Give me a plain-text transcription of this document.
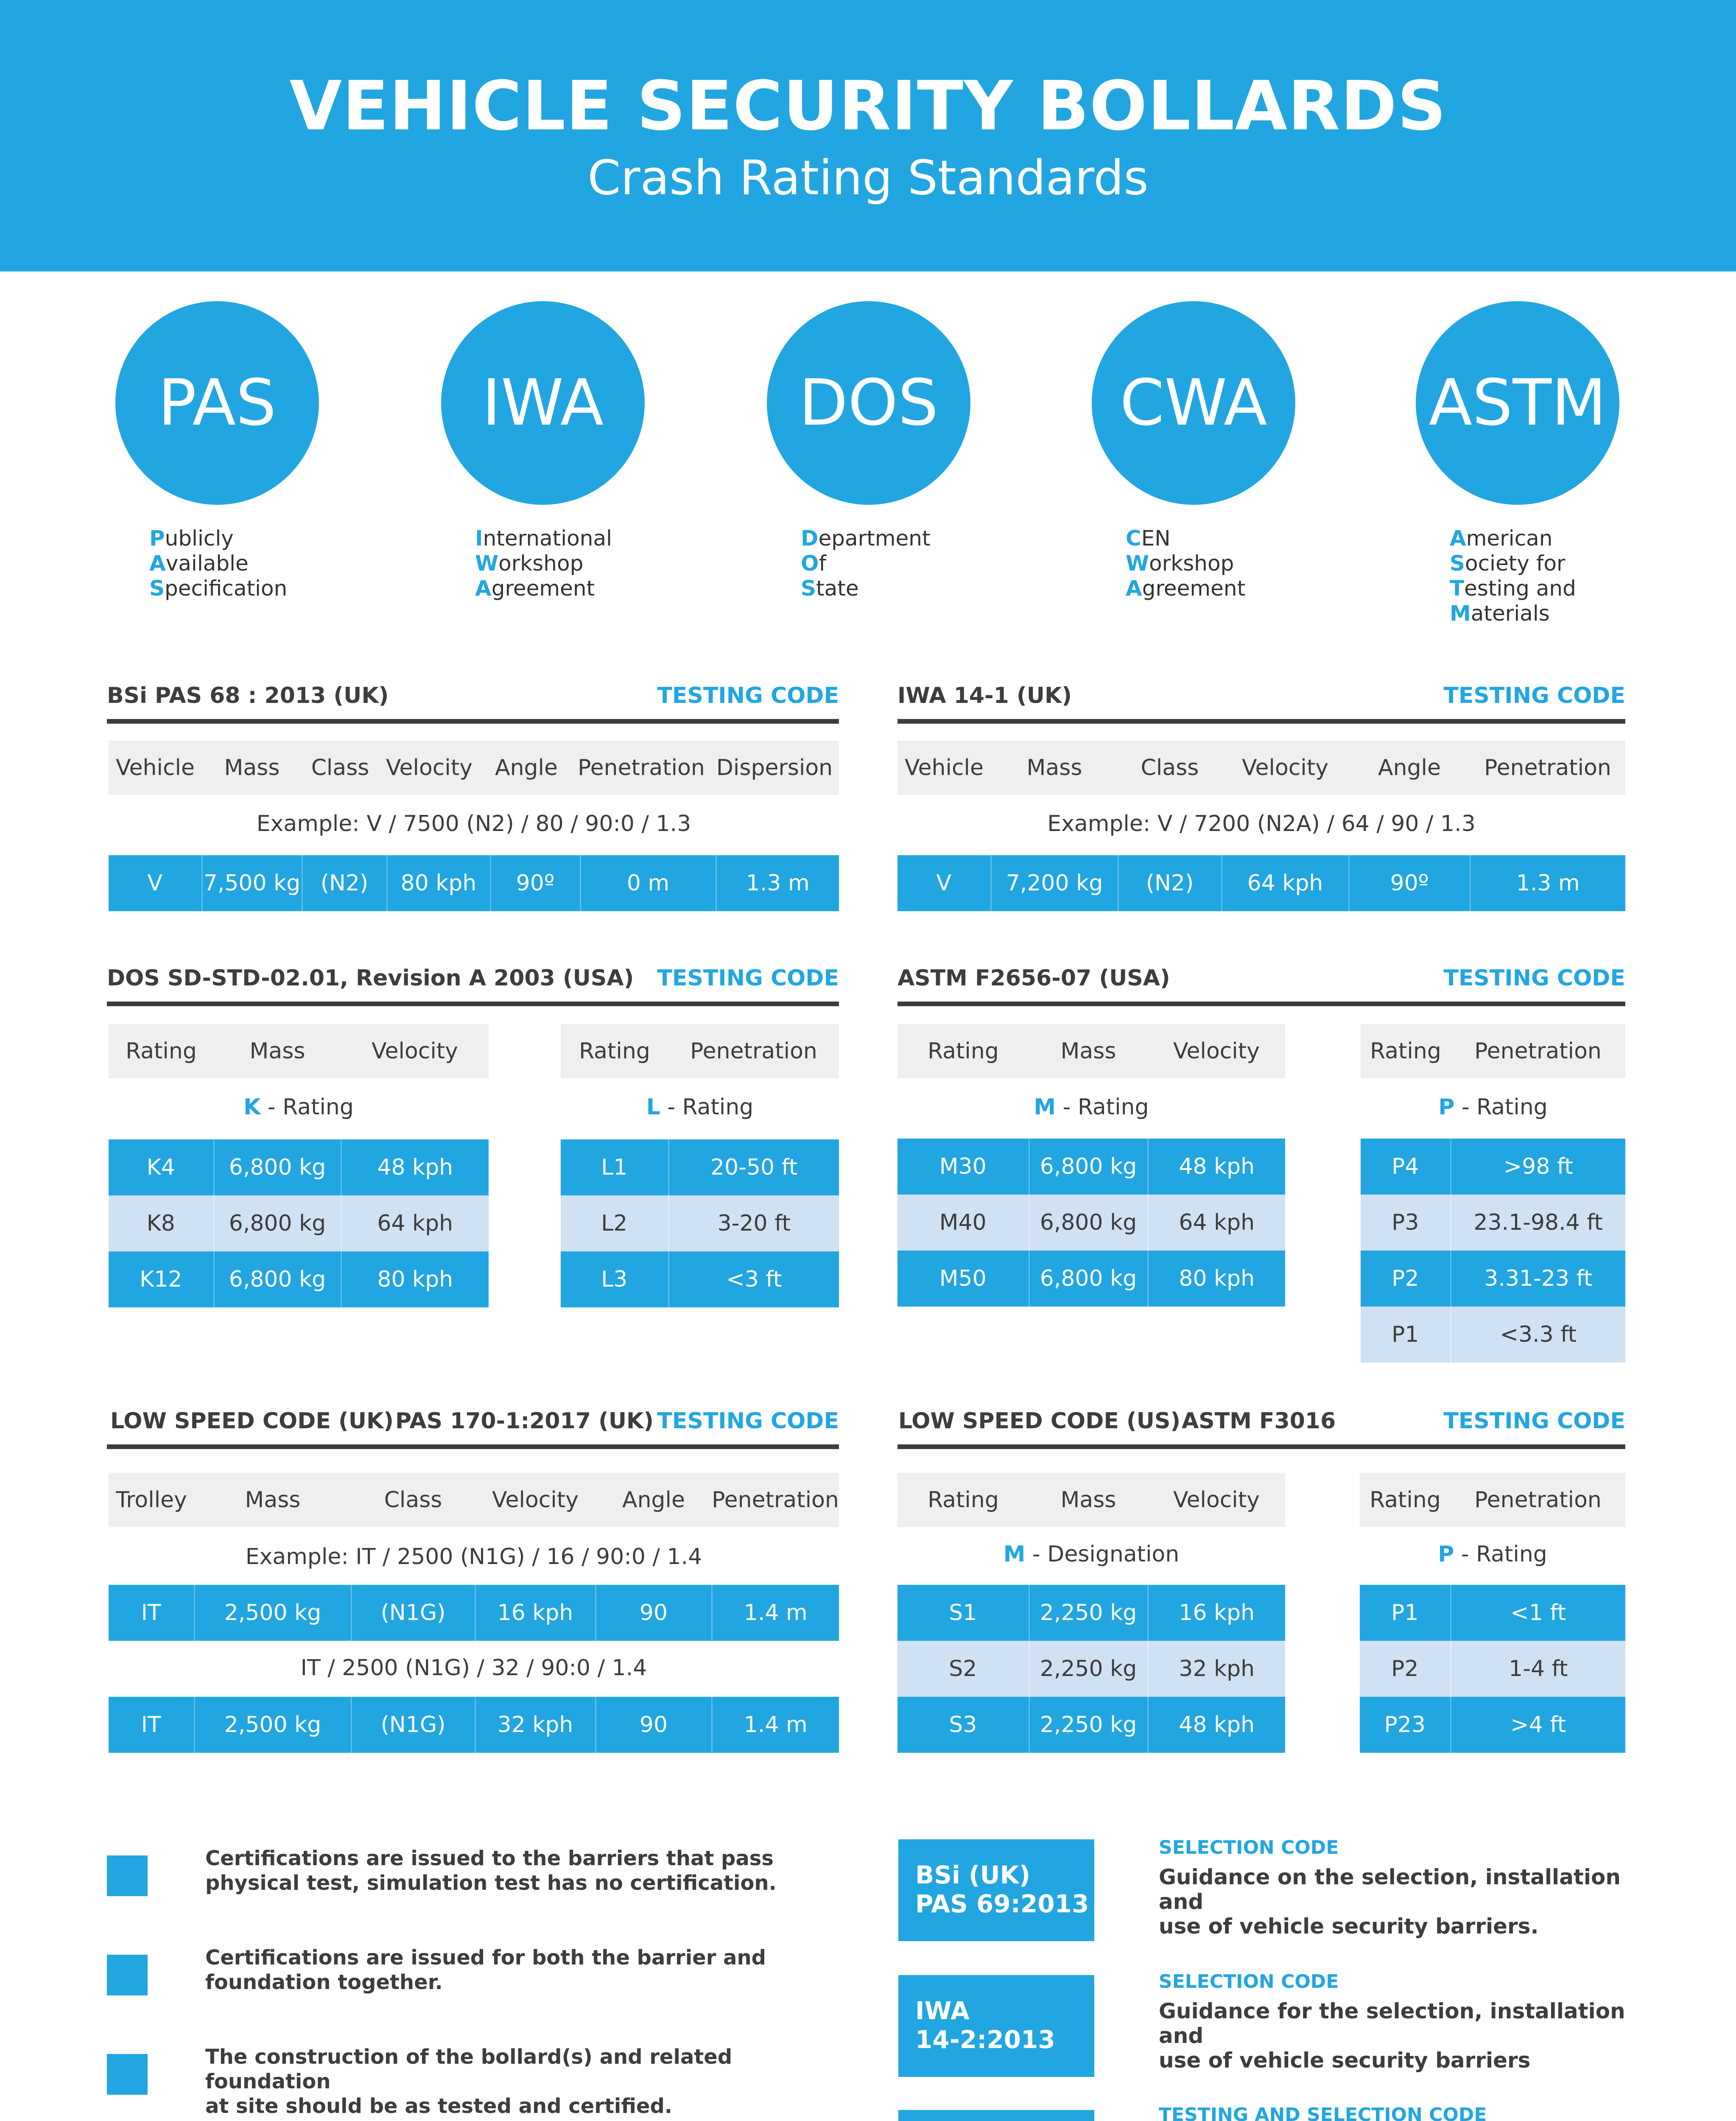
VEHICLE SECURITY BOLLARDS
Crash Rating Standards
PAS
Publicly
Available
Specification
IWA
International
Workshop
Agreement
DOS
Department
Of
State
CWA
CEN
Workshop
Agreement
ASTM
American
Society for
Testing and
Materials
BSi PAS 68 : 2013 (UK)	TESTING CODE
Vehicle	Mass	Class	Velocity	Angle	Penetration	Dispersion
Example: V / 7500 (N2) / 80 / 90:0 / 1.3
V	7,500 kg	(N2)	80 kph	90º	0 m	1.3 m
IWA 14-1 (UK)	TESTING CODE
Vehicle	Mass	Class	Velocity	Angle	Penetration
Example: V / 7200 (N2A) / 64 / 90 / 1.3
V	7,200 kg	(N2)	64 kph	90º	1.3 m
DOS SD-STD-02.01, Revision A 2003 (USA) TESTING CODE
Rating	Mass	Velocity
K - Rating
K4	6,800 kg	48 kph
K8	6,800 kg	64 kph
K12	6,800 kg	80 kph
Rating	Penetration
L - Rating
L1	20-50 ft
L2	3-20 ft
L3	<3 ft
ASTM F2656-07 (USA)	TESTING CODE
Rating	Mass	Velocity
M - Rating
M30	6,800 kg	48 kph
M40	6,800 kg	64 kph
M50	6,800 kg	80 kph
Rating	Penetration
P - Rating
P4	>98 ft
P3	23.1-98.4 ft
P2	3.31-23 ft
P1	<3.3 ft
LOW SPEED CODE (UK) PAS 170-1:2017 (UK) TESTING CODE
Trolley	Mass	Class	Velocity	Angle	Penetration
Example: IT / 2500 (N1G) / 16 / 90:0 / 1.4
IT	2,500 kg	(N1G)	16 kph	90	1.4 m
IT / 2500 (N1G) / 32 / 90:0 / 1.4
IT	2,500 kg	(N1G)	32 kph	90	1.4 m
LOW SPEED CODE (US) ASTM F3016	TESTING CODE
Rating	Mass	Velocity
M - Designation
S1	2,250 kg	16 kph
S2	2,250 kg	32 kph
S3	2,250 kg	48 kph
Rating	Penetration
P - Rating
P1	<1 ft
P2	1-4 ft
P23	>4 ft
Certifications are issued to the barriers that pass
physical test, simulation test has no certification.
Certifications are issued for both the barrier and
foundation together.
The construction of the bollard(s) and related foundation
at site should be as tested and certified.
BSi (UK)
PAS 69:2013
SELECTION CODE
Guidance on the selection, installation and
use of vehicle security barriers.
IWA
14-2:2013
SELECTION CODE
Guidance for the selection, installation and
use of vehicle security barriers
TESTING AND SELECTION CODE
